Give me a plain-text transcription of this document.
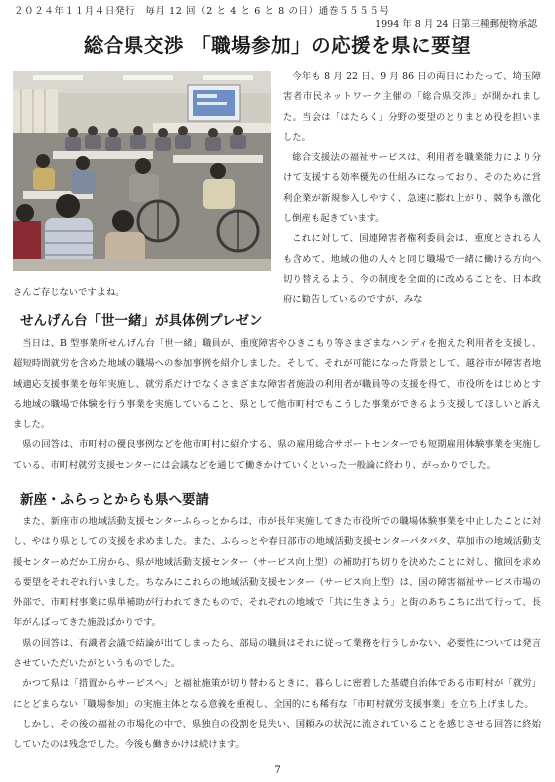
２０２４年１１月４日発行　毎月 12 回（2 と 4 と 6 と 8 の日）通巻５５５５号
1994 年 8 月 24 日第三種郵便物承認
総合県交渉 「職場参加」の応援を県に要望

今年も 8 月 22 日、9 月 86 日の両日にわたって、埼玉障害者市民ネットワーク主催の「総合県交渉」が開かれました。当会は「はたらく」分野の要望のとりまとめ役を担いました。

総合支援法の福祉サービスは、利用者を職業能力により分けて支援する効率優先の仕組みになっており、そのために営利企業が新規参入しやすく、急速に膨れ上がり、競争も激化し倒産も起きています。

これに対して、国連障害者権利委員会は、重度とされる人も含めて、地域の他の人々と同じ職場で一緒に働ける方向へ切り替えるよう、今の制度を全面的に改めることを、日本政府に勧告しているのですが、みな

さんご存じないですよね。
せんげん台「世一緒」が具体例プレゼン

当日は、B 型事業所せんげん台「世一緒」職員が、重度障害やひきこもり等さまざまなハンディを抱えた利用者を支援し、超短時間就労を含めた地域の職場への参加事例を紹介しました。そして、それが可能になった背景として、越谷市が障害者地域適応支援事業を毎年実施し、就労系だけでなくさまざまな障害者施設の利用者が職員等の支援を得て、市役所をはじめとする地域の職場で体験を行う事業を実施していること、県として他市町村でもこうした事業ができるよう支援してほしいと訴えました。

県の回答は、市町村の優良事例などを他市町村に紹介する、県の雇用総合サポートセンターでも短期雇用体験事業を実施している、市町村就労支援センターには会議などを通じて働きかけていくといった一般論に終わり、がっかりでした。

新座・ふらっとからも県へ要請

また、新座市の地域活動支援センターふらっとからは、市が長年実施してきた市役所での職場体験事業を中止したことに対し、やはり県としての支援を求めました。また、ふらっとや春日部市の地域活動支援センターパタパタ、草加市の地域活動支援センターめだか工房から、県が地域活動支援センター（サービス向上型）の補助打ち切りを決めたことに対し、撤回を求める要望をそれぞれ行いました。ちなみにこれらの地域活動支援センター（サービス向上型）は、国の障害福祉サービス市場の外部で、市町村事業に県単補助が行われてきたもので、それぞれの地域で「共に生きよう」と街のあちこちに出て行って、長年がんばってきた施設ばかりです。

県の回答は、有識者会議で結論が出てしまったら、部局の職員はそれに従って業務を行うしかない、必要性については発言させていただいたがというものでした。

かつて県は「措置からサービスへ」と福祉施策が切り替わるときに、暮らしに密着した基礎自治体である市町村が「就労」にとどまらない「職場参加」の実施主体となる意義を重視し、全国的にも稀有な「市町村就労支援事業」を立ち上げました。

しかし、その後の福祉の市場化の中で、県独自の役割を見失い、国頼みの状況に流されていることを感じさせる回答に終始していたのは残念でした。今後も働きかけは続けます。

7
